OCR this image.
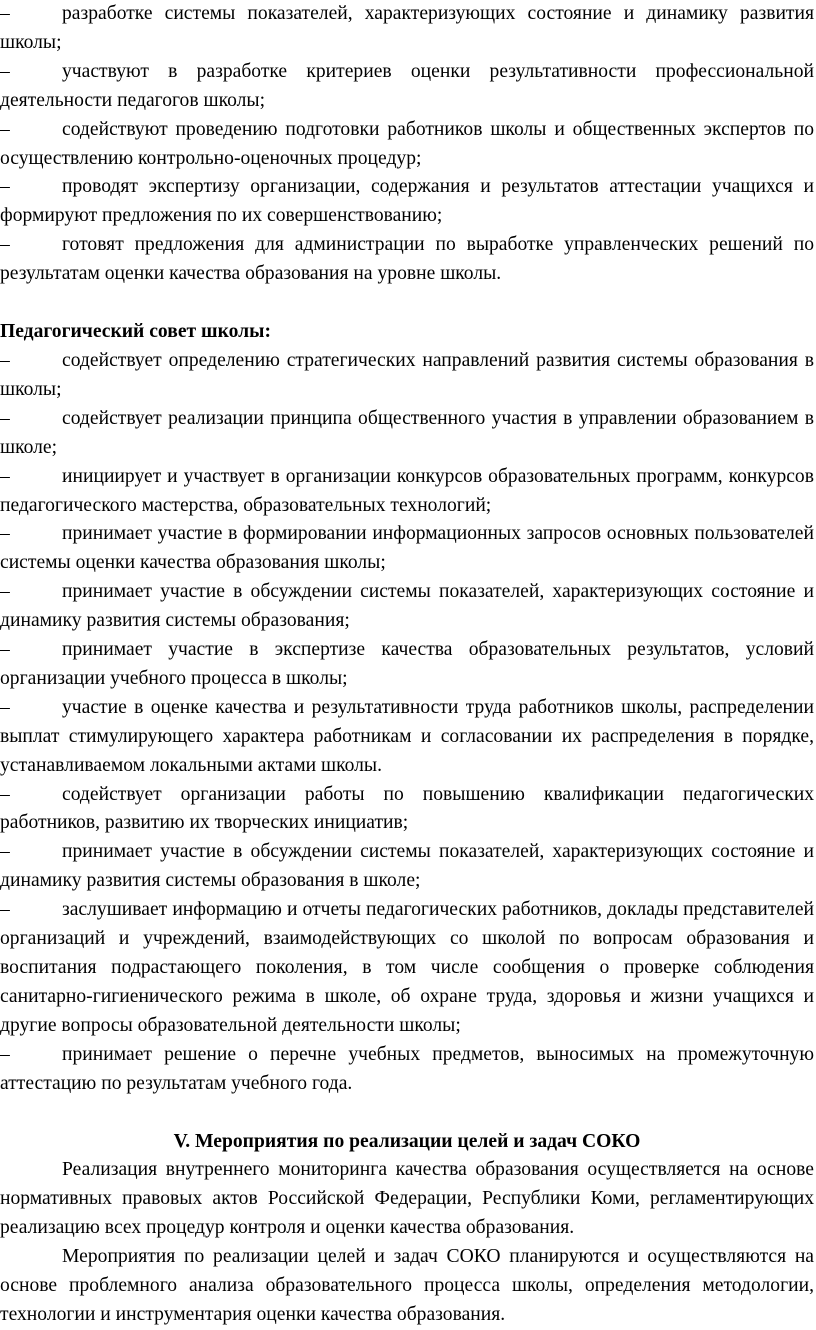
–	разработке системы показателей, характеризующих состояние и динамику развития школы;

–	участвуют в разработке критериев оценки результативности профессиональной деятельности педагогов школы;

–	содействуют проведению подготовки работников школы и общественных экспертов по осуществлению контрольно-оценочных процедур;

–	проводят экспертизу организации, содержания и результатов аттестации учащихся и формируют предложения по их совершенствованию;

–	готовят предложения для администрации по выработке управленческих решений по результатам оценки качества образования на уровне школы.

Педагогический совет школы:

–	содействует определению стратегических направлений развития системы образования в школы;

–	содействует реализации принципа общественного участия в управлении образованием в школе;

–	инициирует и участвует в организации конкурсов образовательных программ, конкурсов педагогического мастерства, образовательных технологий;

–	принимает участие в формировании информационных запросов основных пользователей системы оценки качества образования школы;

–	принимает участие в обсуждении системы показателей, характеризующих состояние и динамику развития системы образования;

–	принимает участие в экспертизе качества образовательных результатов, условий организации учебного процесса в школы;

–	участие в оценке качества и результативности труда работников школы, распределении выплат стимулирующего характера работникам и согласовании их распределения в порядке, устанавливаемом локальными актами школы.

–	содействует организации работы по повышению квалификации педагогических работников, развитию их творческих инициатив;

–	принимает участие в обсуждении системы показателей, характеризующих состояние и динамику развития системы образования в школе;

–	заслушивает информацию и отчеты педагогических работников, доклады представителей организаций и учреждений, взаимодействующих со школой по вопросам образования и воспитания подрастающего поколения, в том числе сообщения о проверке соблюдения санитарно-гигиенического режима в школе, об охране труда, здоровья и жизни учащихся и другие вопросы образовательной деятельности школы;

–	принимает решение о перечне учебных предметов, выносимых на промежуточную аттестацию по результатам учебного года.

V. Мероприятия по реализации целей и задач СОКО

Реализация внутреннего мониторинга качества образования осуществляется на основе нормативных правовых актов Российской Федерации, Республики Коми, регламентирующих реализацию всех процедур контроля и оценки качества образования.

Мероприятия по реализации целей и задач СОКО планируются и осуществляются на основе проблемного анализа образовательного процесса школы, определения методологии, технологии и инструментария оценки качества образования.
